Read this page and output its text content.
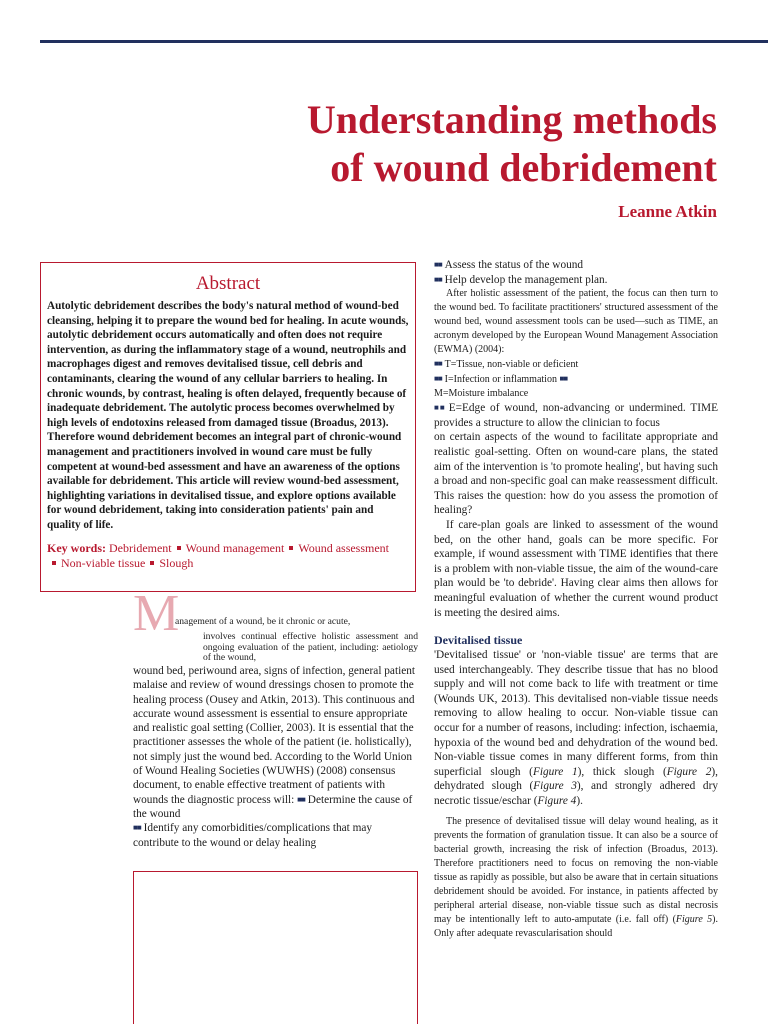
Understanding methods
of wound debridement

Leanne Atkin

Abstract

Autolytic debridement describes the body's natural method of wound-bed cleansing, helping it to prepare the wound bed for healing. In acute wounds, autolytic debridement occurs automatically and often does not require intervention, as during the inflammatory stage of a wound, neutrophils and macrophages digest and removes devitalised tissue, cell debris and contaminants, clearing the wound of any cellular barriers to healing. In chronic wounds, by contrast, healing is often delayed, frequently because of inadequate debridement. The autolytic process becomes overwhelmed by high levels of endotoxins released from damaged tissue (Broadus, 2013). Therefore wound debridement becomes an integral part of chronic-wound management and practitioners involved in wound care must be fully competent at wound-bed assessment and have an awareness of the options available for debridement. This article will review wound-bed assessment, highlighting variations in devitalised tissue, and explore options available for wound debridement, taking into consideration patients' pain and quality of life.

Key words: Debridement Wound management Wound assessment
Non-viable tissue Slough

M

anagement of a wound, be it chronic or acute,

involves continual effective holistic assessment and ongoing evaluation of the patient, including: aetiology of the wound,

wound bed, periwound area, signs of infection, general patient malaise and review of wound dressings chosen to promote the healing process (Ousey and Atkin, 2013). This continuous and accurate wound assessment is essential to ensure appropriate and realistic goal setting (Collier, 2003). It is essential that the practitioner assesses the whole of the patient (ie. holistically), not simply just the wound bed. According to the World Union of Wound Healing Societies (WUWHS) (2008) consensus document, to enable effective treatment of patients with wounds the diagnostic process will: ■■ Determine the cause of the wound
■■ Identify any comorbidities/complications that may contribute to the wound or delay healing

■■ Assess the status of the wound

■■ Help develop the management plan.

After holistic assessment of the patient, the focus can then turn to the wound bed. To facilitate practitioners' structured assessment of the wound bed, wound assessment tools can be used—such as TIME, an acronym developed by the European Wound Management Association (EWMA) (2004):

■■ T=Tissue, non-viable or deficient

■■ I=Infection or inflammation ■■

M=Moisture imbalance

■■ E=Edge of wound, non-advancing or undermined. TIME provides a structure to allow the clinician to focus

on certain aspects of the wound to facilitate appropriate and realistic goal-setting. Often on wound-care plans, the stated aim of the intervention is 'to promote healing', but having such a broad and non-specific goal can make reassessment difficult. This raises the question: how do you assess the promotion of healing?

If care-plan goals are linked to assessment of the wound bed, on the other hand, goals can be more specific. For example, if wound assessment with TIME identifies that there is a problem with non-viable tissue, the aim of the wound-care plan would be 'to debride'. Having clear aims then allows for meaningful evaluation of whether the current wound product is meeting the desired aims.

Devitalised tissue

'Devitalised tissue' or 'non-viable tissue' are terms that are used interchangeably. They describe tissue that has no blood supply and will not come back to life with treatment or time (Wounds UK, 2013). This devitalised non-viable tissue needs removing to allow healing to occur. Non-viable tissue can occur for a number of reasons, including: infection, ischaemia, hypoxia of the wound bed and dehydration of the wound bed. Non-viable tissue comes in many different forms, from thin superficial slough (Figure 1), thick slough (Figure 2), dehydrated slough (Figure 3), and strongly adhered dry necrotic tissue/eschar (Figure 4).

The presence of devitalised tissue will delay wound healing, as it prevents the formation of granulation tissue. It can also be a source of bacterial growth, increasing the risk of infection (Broadus, 2013). Therefore practitioners need to focus on removing the non-viable tissue as rapidly as possible, but also be aware that in certain situations debridement should be avoided. For instance, in patients affected by peripheral arterial disease, non-viable tissue such as distal necrosis may be intentionally left to auto-amputate (i.e. fall off) (Figure 5). Only after adequate revascularisation should
